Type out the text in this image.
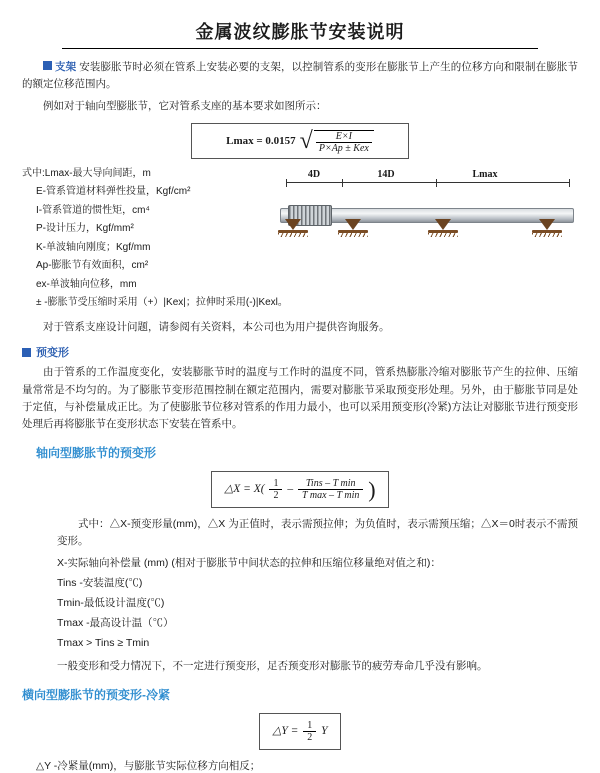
金属波纹膨胀节安装说明

支架 安装膨胀节时必须在管系上安装必要的支架，以控制管系的变形在膨胀节上产生的位移方向和限制在膨胀节的额定位移范围内。

例如对于轴向型膨胀节，它对管系支座的基本要求如图所示：

Lmax = 0.0157 √ $\frac{E\times I}{\text{P×Ap ± Kex}}$
式中:Lmax-最大导向间距，m
E-管系管道材料弹性投量，Kgf/cm²
I-管系管道的惯性矩，cm⁴
P-设计压力，Kgf/mm²
K-单波轴向刚度；Kgf/mm
Ap-膨胀节有效面积，cm²
ex-单波轴向位移，mm
± -膨胀节受压缩时采用（+）|Kex|；拉伸时采用(-)|Kexl。
4D	14D	Lmax

对于管系支座设计问题，请参阅有关资料，本公司也为用户提供咨询服务。

预变形

由于管系的工作温度变化，安装膨胀节时的温度与工作时的温度不同，管系热膨胀冷缩对膨胀节产生的拉伸、压缩量常常是不均匀的。为了膨胀节变形范围控制在额定范围内，需要对膨胀节采取预变形处理。另外，由于膨胀节同是处于定值，与补偿量成正比。为了使膨胀节位移对管系的作用力最小，也可以采用预变形(冷紧)方法让对膨胀节进行预变形处理后再将膨胀节在变形状态下安装在管系中。

轴向型膨胀节的预变形
△X = $X( \frac{1}{2}$ –	Tins – T min
T max – T min )

式中：△X-预变形量(mm)，△X 为正值时，表示需预拉伸；为负值时，表示需预压缩；△X＝0时表示不需预变形。

X-实际轴向补偿量 (mm) (相对于膨胀节中间状态的拉伸和压缩位移量绝对值之和)：
Tins -安装温度(℃)
Tmin-最低设计温度(℃)
Tmax -最高设计温（℃）
Tmax > Tins ≥ Tmin
一般变形和受力情况下，不一定进行预变形，足否预变形对膨胀节的疲劳寿命几乎没有影响。
横向型膨胀节的预变形-冷紧
△Y = $\frac{1}{2}$ Y
△Y -冷紧量(mm)，与膨胀节实际位移方向相反；
